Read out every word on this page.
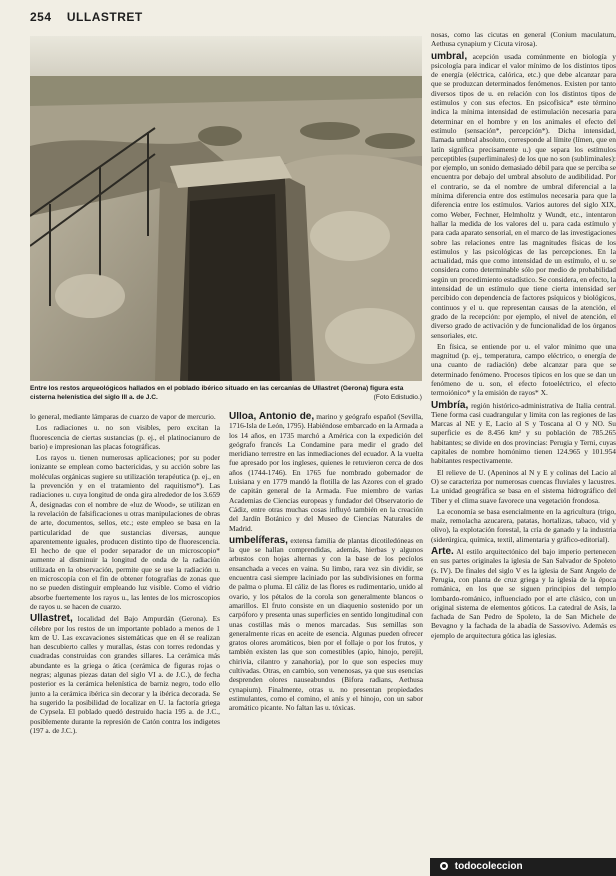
254 ULLASTRET
Entre los restos arqueológicos hallados en el poblado ibérico situado en las cercanías de Ullastret (Gerona) figura esta cisterna helenística del siglo III a. de J.C.	(Foto Edistudio.)

lo general, mediante lámparas de cuarzo de vapor de mercurio.

Los radiaciones u. no son visibles, pero excitan la fluorescencia de ciertas sustancias (p. ej., el platinocianuro de bario) e impresionan las placas fotográficas.

Los rayos u. tienen numerosas aplicaciones; por su poder ionizante se emplean como bactericidas, y su acción sobre las moléculas orgánicas sugiere su utilización terapéutica (p. ej., en la prevención y en el tratamiento del raquitismo*). Las radiaciones u. cuya longitud de onda gira alrededor de los 3.659 Å, designadas con el nombre de «luz de Wood», se utilizan en la revelación de falsificaciones u otras manipulaciones de obras de arte, documentos, sellos, etc.; este empleo se basa en la particularidad de que sustancias diversas, aunque aparentemente iguales, producen distinto tipo de fluorescencia. El hecho de que el poder separador de un microscopio* aumente al disminuir la longitud de onda de la radiación utilizada en la observación, permite que se use la radiación u. en microscopía con el fin de obtener fotografías de zonas que no se pueden distinguir empleando luz visible. Como el vidrio absorbe fuertemente los rayos u., las lentes de los microscopios de rayos u. se hacen de cuarzo.

Ullastret, localidad del Bajo Ampurdán (Gerona). Es célebre por los restos de un importante poblado a menos de 1 km de U. Las excavaciones sistemáticas que en él se realizan han descubierto calles y murallas, éstas con torres redondas y cuadradas construidas con grandes sillares. La cerámica más abundante es la griega o ática (cerámica de figuras rojas o negras; algunas piezas datan del siglo VI a. de J.C.), de fecha posterior es la cerámica helenística de barniz negro, todo ello junto a la cerámica ibérica sin decorar y la ibérica decorada. Se ha sugerido la posibilidad de localizar en U. la factoría griega de Cypsela. El poblado quedó destruido hacia 195 a. de J.C., posiblemente durante la represión de Catón contra los indigetes (197 a. de J.C.).

Ulloa, Antonio de, marino y geógrafo español (Sevilla, 1716-Isla de León, 1795). Habiéndose embarcado en la Armada a los 14 años, en 1735 marchó a América con la expedición del geógrafo francés La Condamine para medir el grado del meridiano terrestre en las inmediaciones del ecuador. A la vuelta fue apresado por los ingleses, quienes le retuvieron cerca de dos años (1744-1746). En 1765 fue nombrado gobernador de Luisiana y en 1779 mandó la flotilla de las Azores con el grado de capitán general de la Armada. Fue miembro de varias Academias de Ciencias europeas y fundador del Observatorio de Cádiz, entre otras muchas cosas influyó también en la creación del Jardín Botánico y del Museo de Ciencias Naturales de Madrid.

umbelíferas, extensa familia de plantas dicotiledóneas en la que se hallan comprendidas, además, hierbas y algunos arbustos con hojas alternas y con la base de los pecíolos ensanchada a veces en vaina. Su limbo, rara vez sin dividir, se encuentra casi siempre laciniado por las subdivisiones en forma de palma o pluma. El cáliz de las flores es rudimentario, unido al ovario, y los pétalos de la corola son generalmente blancos o amarillos. El fruto consiste en un diaquenio sostenido por un carpóforo y presenta unas superficies en sentido longitudinal con unas costillas más o menos marcadas. Sus semillas son generalmente ricas en aceite de esencia. Algunas pueden ofrecer gratos olores aromáticos, bien por el follaje o por los frutos, y también existen las que son comestibles (apio, hinojo, perejil, chirivía, cilantro y zanahoria), por lo que son especies muy cultivadas. Otras, en cambio, son venenosas, ya que sus esencias desprenden olores nauseabundos (Bifora radians, Aethusa cynapium). Finalmente, otras u. no presentan propiedades estimulantes, como el comino, el anís y el hinojo, con un sabor aromático picante. No faltan las u. tóxicas.

nosas, como las cicutas en general (Conium maculatum, Aethusa cynapium y Cicuta virosa).

umbral, acepción usada comúnmente en biología y psicología para indicar el valor mínimo de los distintos tipos de energía (eléctrica, calórica, etc.) que debe alcanzar para que se produzcan determinados fenómenos. Existen por tanto diversos tipos de u. en relación con los distintos tipos de estímulos y con sus efectos. En psicofísica* este término indica la mínima intensidad de estimulación necesaria para determinar en el hombre y en los animales el efecto del estímulo (sensación*, percepción*). Dicha intensidad, llamada umbral absoluto, corresponde al límite (límen, que en latín significa precisamente u.) que separa los estímulos perceptibles (superliminales) de los que no son (subliminales): por ejemplo, un sonido demasiado débil para que se perciba se encuentra por debajo del umbral absoluto de audibilidad. Por el contrario, se da el nombre de umbral diferencial a la mínima diferencia entre dos estímulos necesaria para que la diferencia entre los estímulos. Varios autores del siglo XIX, como Weber, Fechner, Helmholtz y Wundt, etc., intentaron hallar la medida de los valores del u. para cada estímulo y para cada aparato sensorial, en el marco de las investigaciones sobre las relaciones entre las magnitudes físicas de los estímulos y las psicológicas de las percepciones. En la actualidad, más que como intensidad de un estímulo, el u. se considera como determinable sólo por medio de probabilidad según un procedimiento estadístico. Se considera, en efecto, la intensidad de un estímulo que tiene cierta intensidad ser percibido con dependencia de factores psíquicos y biológicos, continuos y el u. que representan causas de la atención, el grado de la recepción: por ejemplo, el nivel de atención, el diverso grado de activación y de funcionalidad de los órganos sensoriales, etc.

En física, se entiende por u. el valor mínimo que una magnitud (p. ej., temperatura, campo eléctrico, o energía de una cuanto de radiación) debe alcanzar para que se determinado fenómeno. Procesos típicos en los que se dan un fenómeno de u. son, el efecto fotoeléctrico, el efecto termoiónico* y la emisión de rayos* X.

Umbría, región histórico-administrativa de Italia central. Tiene forma casi cuadrangular y limita con las regiones de las Marcas al NE y E, Lacio al S y Toscana al O y NO. Su superficie es de 8.456 km² y su población de 785.265 habitantes; se divide en dos provincias: Perugia y Terni, cuyas capitales de nombre homónimo tienen 124.965 y 101.954 habitantes respectivamente.

El relieve de U. (Apeninos al N y E y colinas del Lacio al O) se caracteriza por numerosas cuencas fluviales y lacustres. La unidad geográfica se basa en el sistema hidrográfico del Tíber y el clima suave favorece una vegetación frondosa.

La economía se basa esencialmente en la agricultura (trigo, maíz, remolacha azucarera, patatas, hortalizas, tabaco, vid y olivo), la explotación forestal, la cría de ganado y la industria (siderúrgica, química, textil, alimentaria y gráfico-editorial).

Arte. Al estilo arquitectónico del bajo imperio pertenecen en sus partes originales la iglesia de San Salvador de Spoleto (s. IV). De finales del siglo V es la iglesia de Sant Angelo de Perugia, con planta de cruz griega y la iglesia de la época románica, en los que se siguen principios del templo lombardo-románico, influenciado por el arte clásico, con un original sistema de elementos góticos. La catedral de Asís, la fachada de San Pedro de Spoleto, la de San Michele de Bevagno y la fachada de la abadía de Sassovivo. Además es ejemplo de arquitectura gótica las iglesias.

todocoleccion
